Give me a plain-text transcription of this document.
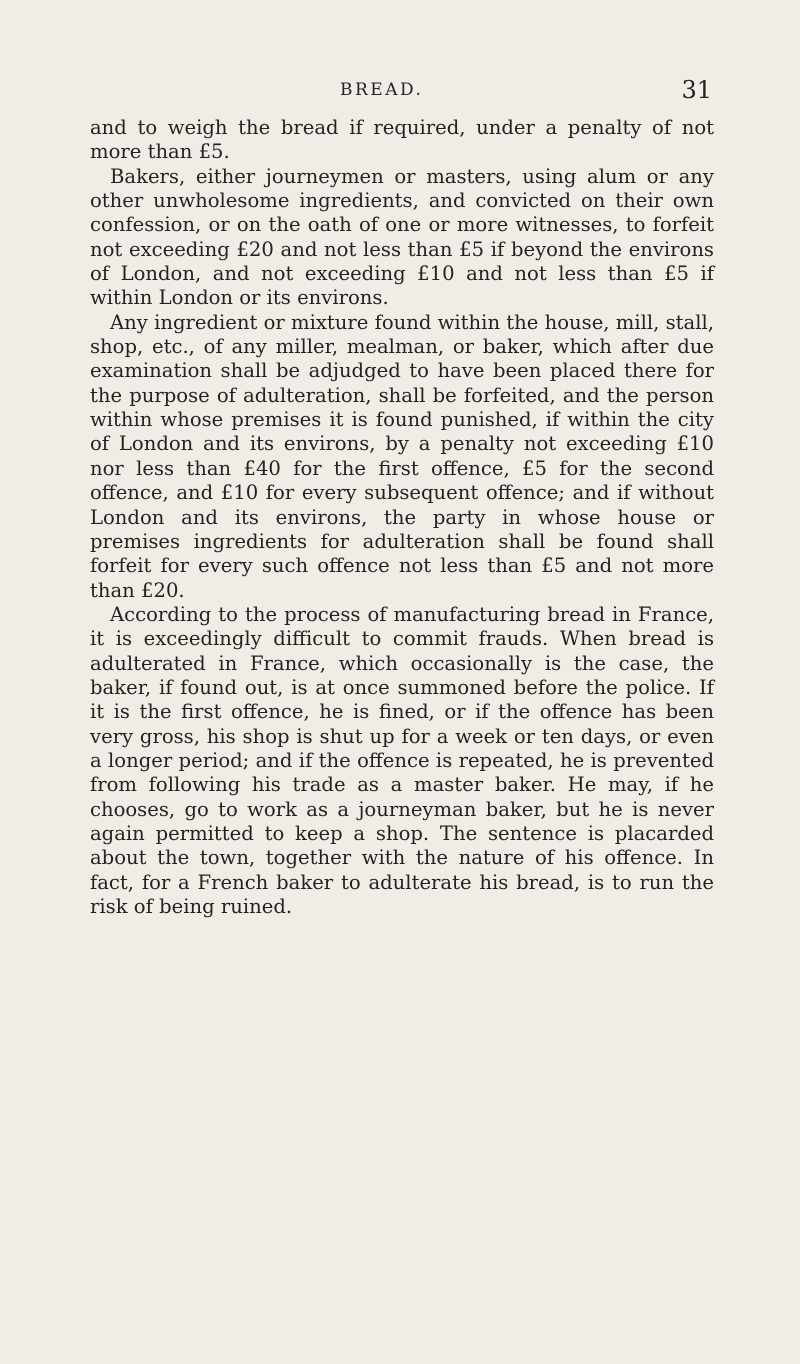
BREAD.	31

and to weigh the bread if required, under a penalty of not more than £5.

Bakers, either journeymen or masters, using alum or any other unwholesome ingredients, and convicted on their own confession, or on the oath of one or more witnesses, to forfeit not exceeding £20 and not less than £5 if beyond the environs of London, and not exceeding £10 and not less than £5 if within London or its environs.

Any ingredient or mixture found within the house, mill, stall, shop, etc., of any miller, mealman, or baker, which after due examination shall be adjudged to have been placed there for the purpose of adulteration, shall be forfeited, and the person within whose premises it is found punished, if within the city of London and its environs, by a penalty not exceeding £10 nor less than £40 for the first offence, £5 for the second offence, and £10 for every subsequent offence; and if without London and its environs, the party in whose house or premises ingredients for adulteration shall be found shall forfeit for every such offence not less than £5 and not more than £20.

According to the process of manufacturing bread in France, it is exceedingly difficult to commit frauds. When bread is adulterated in France, which occasionally is the case, the baker, if found out, is at once summoned before the police. If it is the first offence, he is fined, or if the offence has been very gross, his shop is shut up for a week or ten days, or even a longer period; and if the offence is repeated, he is prevented from following his trade as a master baker. He may, if he chooses, go to work as a journeyman baker, but he is never again permitted to keep a shop. The sentence is placarded about the town, together with the nature of his offence. In fact, for a French baker to adulterate his bread, is to run the risk of being ruined.
